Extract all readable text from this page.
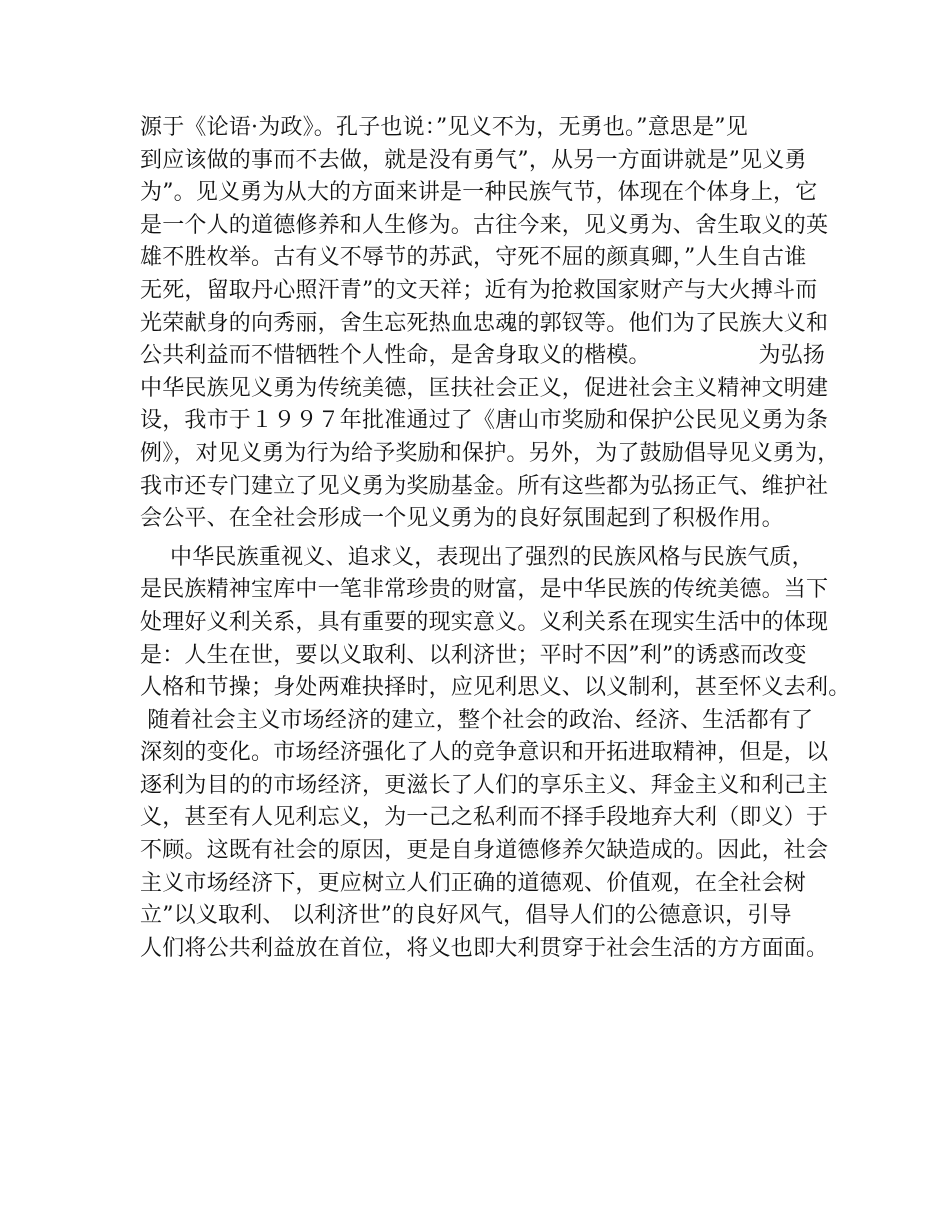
源于《论语·为政》。孔子也说：”见义不为，无勇也。”意思是”见
到应该做的事而不去做，就是没有勇气”，从另一方面讲就是”见义勇
为”。见义勇为从大的方面来讲是一种民族气节，体现在个体身上，它
是一个人的道德修养和人生修为。古往今来，见义勇为、舍生取义的英
雄不胜枚举。古有义不辱节的苏武，守死不屈的颜真卿，”人生自古谁
无死，留取丹心照汗青”的文天祥；近有为抢救国家财产与大火搏斗而
光荣献身的向秀丽，舍生忘死热血忠魂的郭钗等。他们为了民族大义和
公共利益而不惜牺牲个人性命，是舍身取义的楷模。               为弘扬
中华民族见义勇为传统美德，匡扶社会正义，促进社会主义精神文明建
设，我市于１９９７年批准通过了《唐山市奖励和保护公民见义勇为条
例》，对见义勇为行为给予奖励和保护。另外，为了鼓励倡导见义勇为，
我市还专门建立了见义勇为奖励基金。所有这些都为弘扬正气、维护社
会公平、在全社会形成一个见义勇为的良好氛围起到了积极作用。
中华民族重视义、追求义，表现出了强烈的民族风格与民族气质，
是民族精神宝库中一笔非常珍贵的财富，是中华民族的传统美德。当下
处理好义利关系，具有重要的现实意义。义利关系在现实生活中的体现
是：人生在世，要以义取利、以利济世；平时不因”利”的诱惑而改变
人格和节操；身处两难抉择时，应见利思义、以义制利，甚至怀义去利。
随着社会主义市场经济的建立，整个社会的政治、经济、生活都有了
深刻的变化。市场经济强化了人的竞争意识和开拓进取精神，但是，以
逐利为目的的市场经济，更滋长了人们的享乐主义、拜金主义和利己主
义，甚至有人见利忘义，为一己之私利而不择手段地弃大利（即义）于
不顾。这既有社会的原因，更是自身道德修养欠缺造成的。因此，社会
主义市场经济下，更应树立人们正确的道德观、价值观，在全社会树
立”以义取利、 以利济世”的良好风气，倡导人们的公德意识，引导
人们将公共利益放在首位，将义也即大利贯穿于社会生活的方方面面。
